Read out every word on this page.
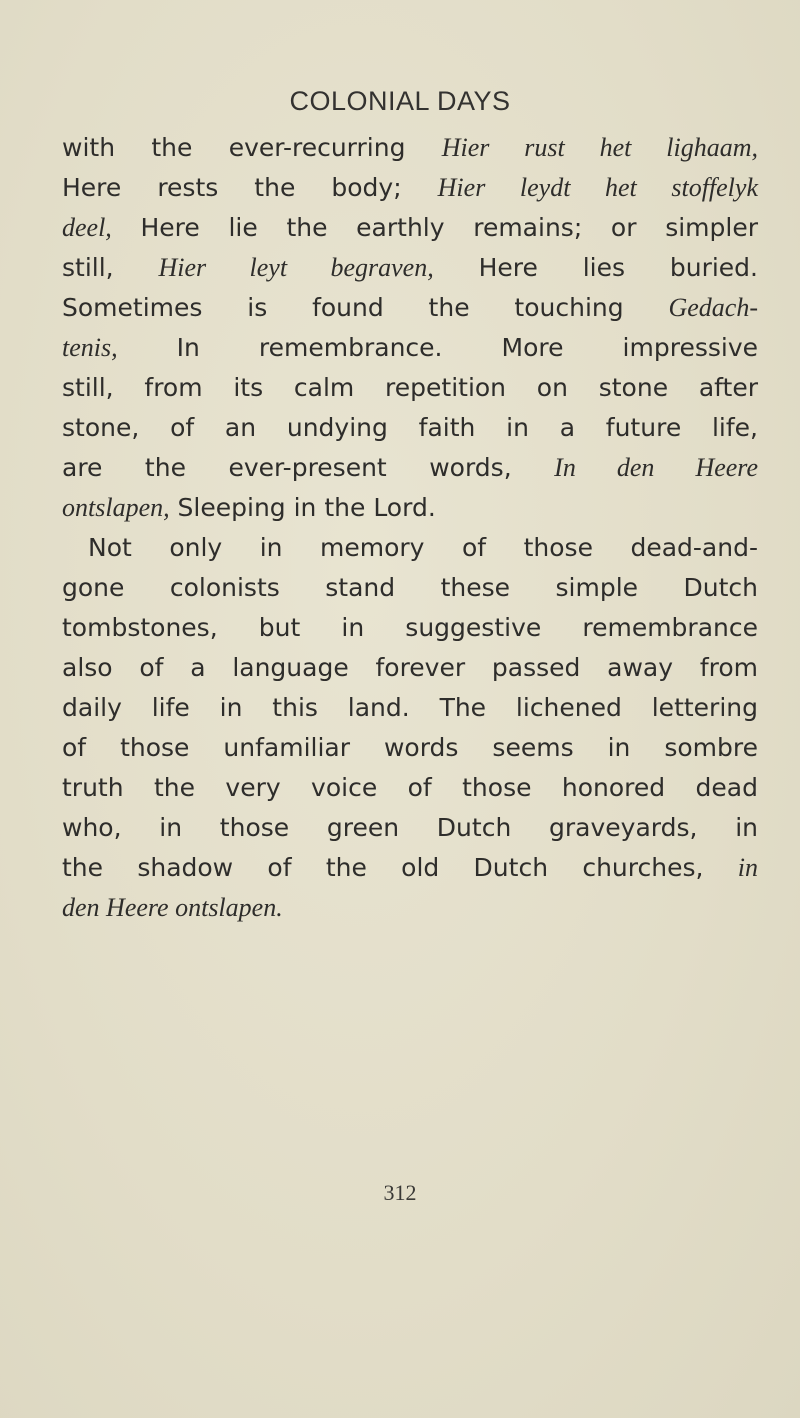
COLONIAL DAYS
with the ever-recurring Hier rust het lighaam,
Here rests the body; Hier leydt het stoffelyk
deel, Here lie the earthly remains; or simpler
still, Hier leyt begraven, Here lies buried.
Sometimes is found the touching Gedach-
tenis, In remembrance. More impressive
still, from its calm repetition on stone after
stone, of an undying faith in a future life,
are the ever-present words, In den Heere
ontslapen, Sleeping in the Lord.
Not only in memory of those dead-and-
gone colonists stand these simple Dutch
tombstones, but in suggestive remembrance
also of a language forever passed away from
daily life in this land. The lichened lettering
of those unfamiliar words seems in sombre
truth the very voice of those honored dead
who, in those green Dutch graveyards, in
the shadow of the old Dutch churches, in
den Heere ontslapen.
312
